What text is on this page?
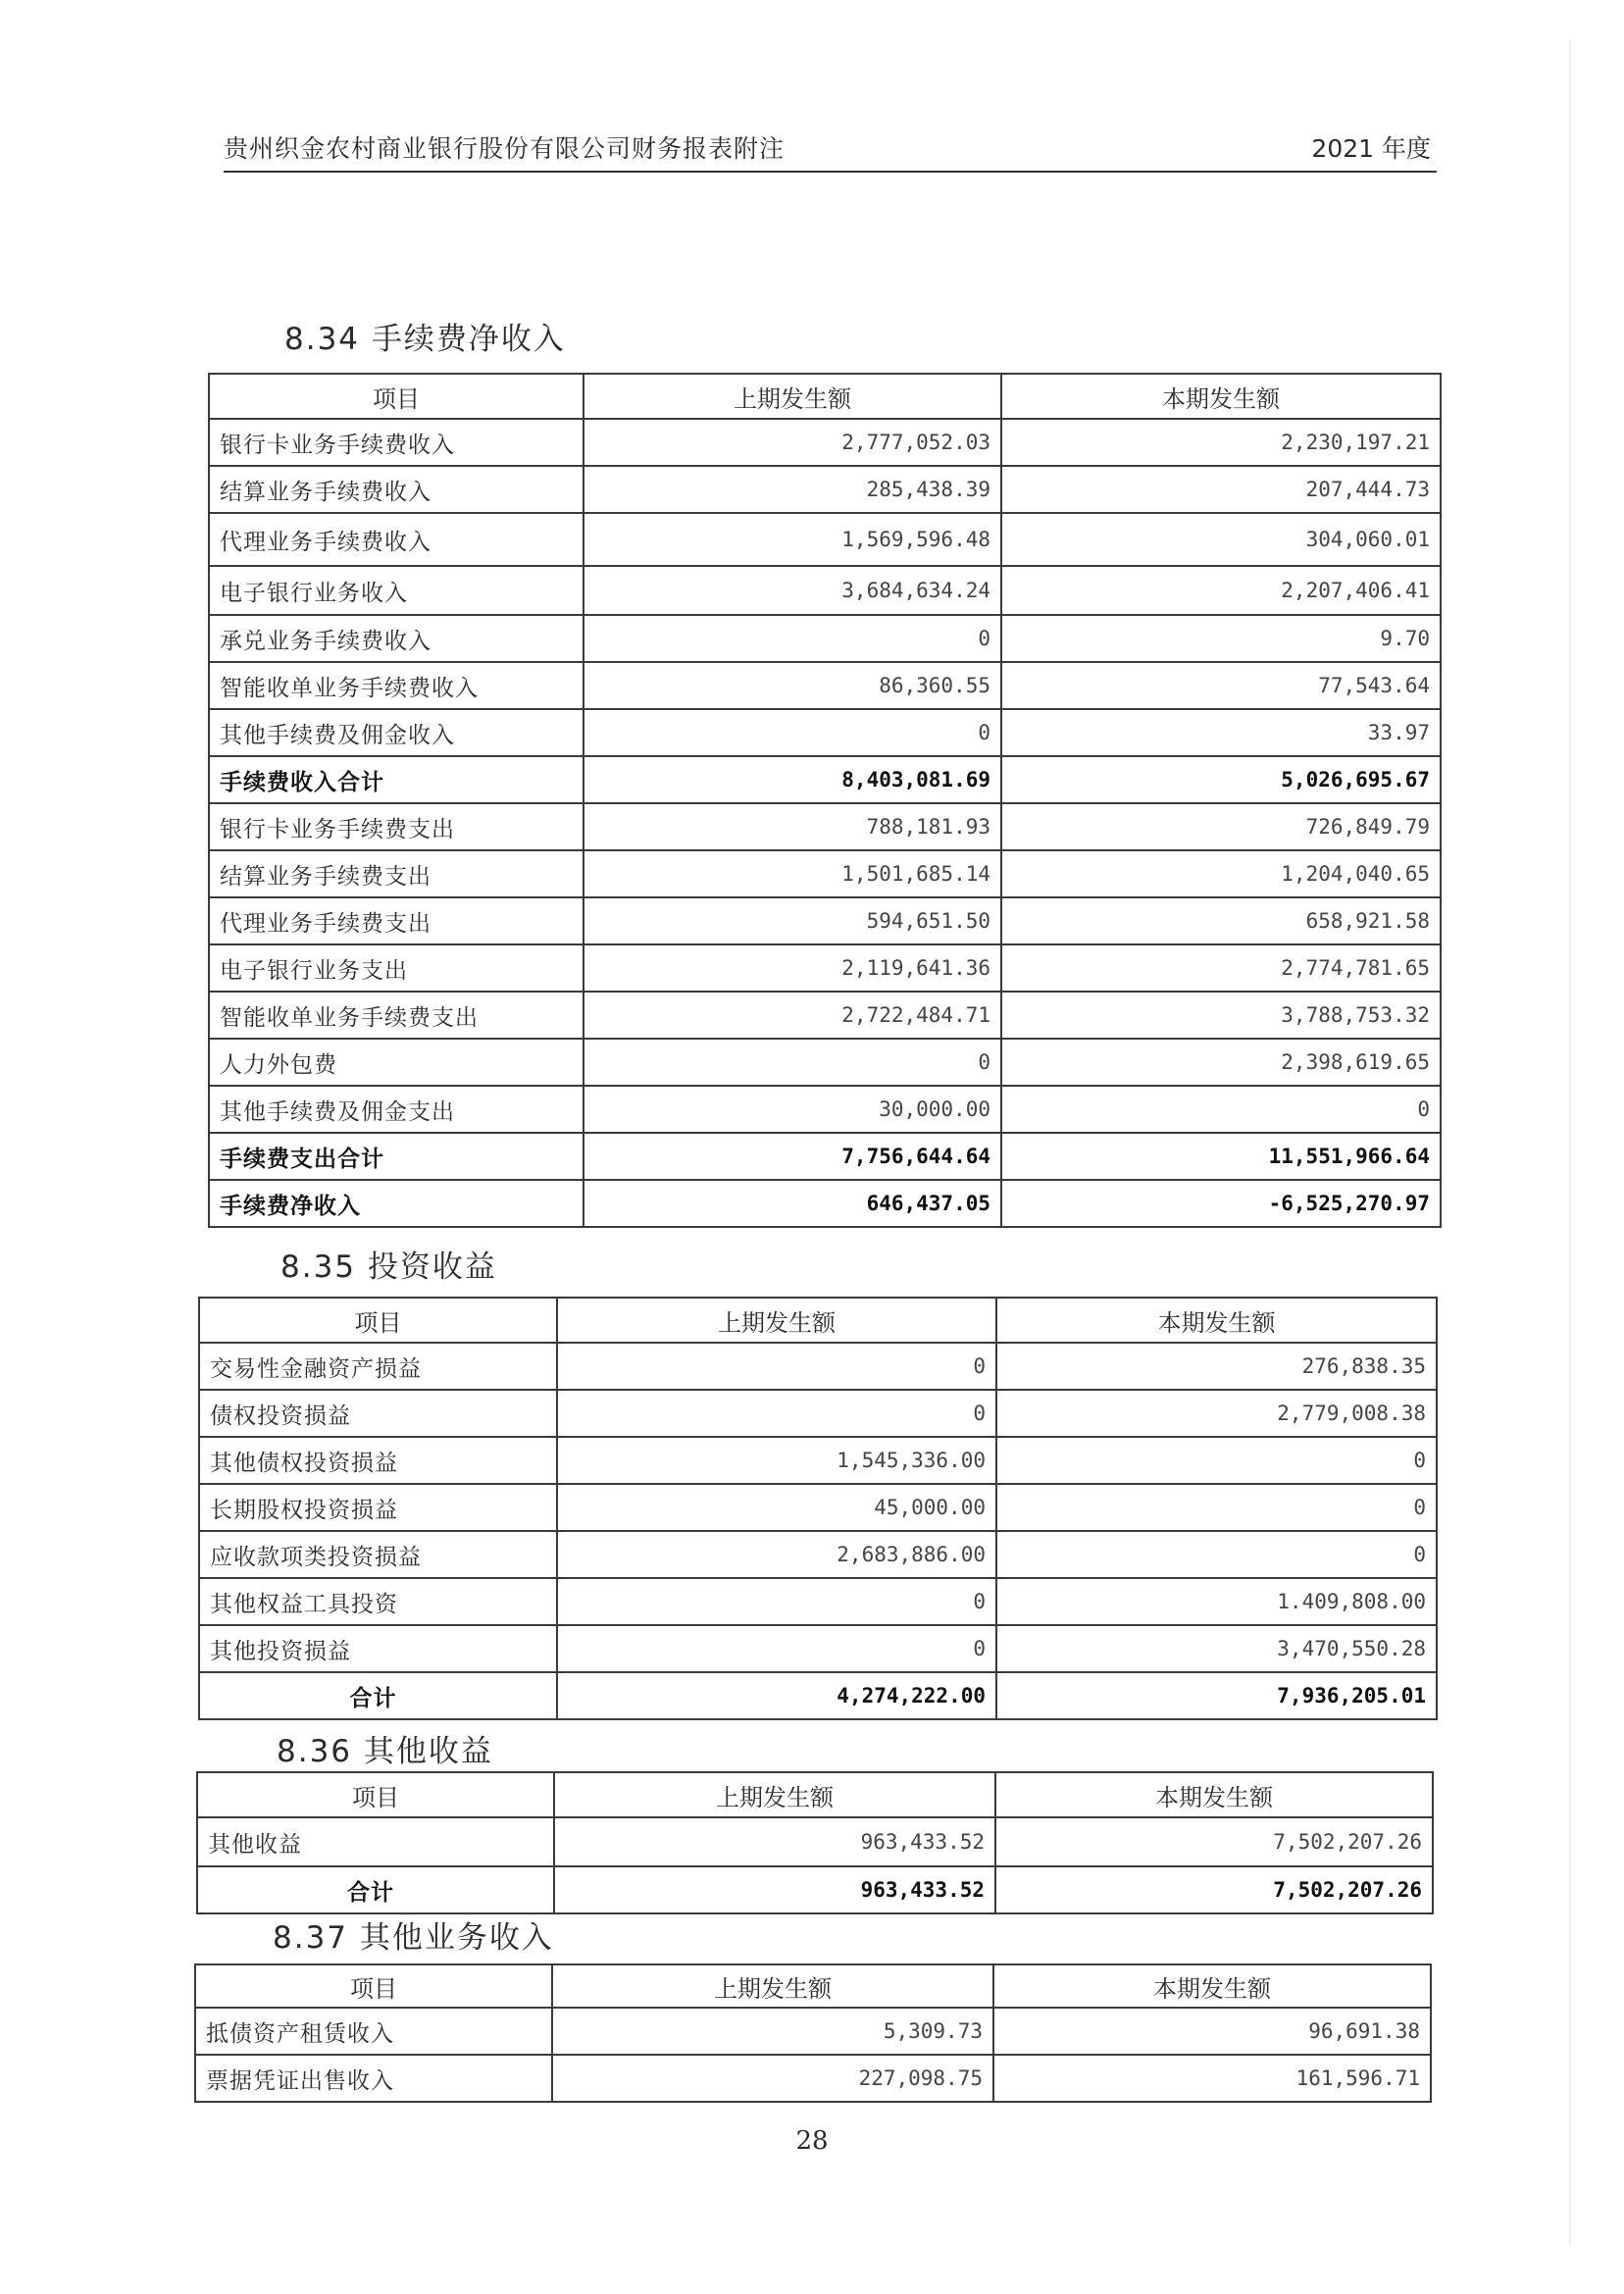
贵州织金农村商业银行股份有限公司财务报表附注	2021 年度
8.34 手续费净收入
项目	上期发生额	本期发生额
银行卡业务手续费收入	2,777,052.03	2,230,197.21
结算业务手续费收入	285,438.39	207,444.73
代理业务手续费收入	1,569,596.48	304,060.01
电子银行业务收入	3,684,634.24	2,207,406.41
承兑业务手续费收入	0	9.70
智能收单业务手续费收入	86,360.55	77,543.64
其他手续费及佣金收入	0	33.97
手续费收入合计	8,403,081.69	5,026,695.67
银行卡业务手续费支出	788,181.93	726,849.79
结算业务手续费支出	1,501,685.14	1,204,040.65
代理业务手续费支出	594,651.50	658,921.58
电子银行业务支出	2,119,641.36	2,774,781.65
智能收单业务手续费支出	2,722,484.71	3,788,753.32
人力外包费	0	2,398,619.65
其他手续费及佣金支出	30,000.00	0
手续费支出合计	7,756,644.64	11,551,966.64
手续费净收入	646,437.05	-6,525,270.97
8.35 投资收益
项目	上期发生额	本期发生额
交易性金融资产损益	0	276,838.35
债权投资损益	0	2,779,008.38
其他债权投资损益	1,545,336.00	0
长期股权投资损益	45,000.00	0
应收款项类投资损益	2,683,886.00	0
其他权益工具投资	0	1.409,808.00
其他投资损益	0	3,470,550.28
合计	4,274,222.00	7,936,205.01
8.36 其他收益
项目	上期发生额	本期发生额
其他收益	963,433.52	7,502,207.26
合计	963,433.52	7,502,207.26
8.37 其他业务收入
项目	上期发生额	本期发生额
抵债资产租赁收入	5,309.73	96,691.38
票据凭证出售收入	227,098.75	161,596.71
28
